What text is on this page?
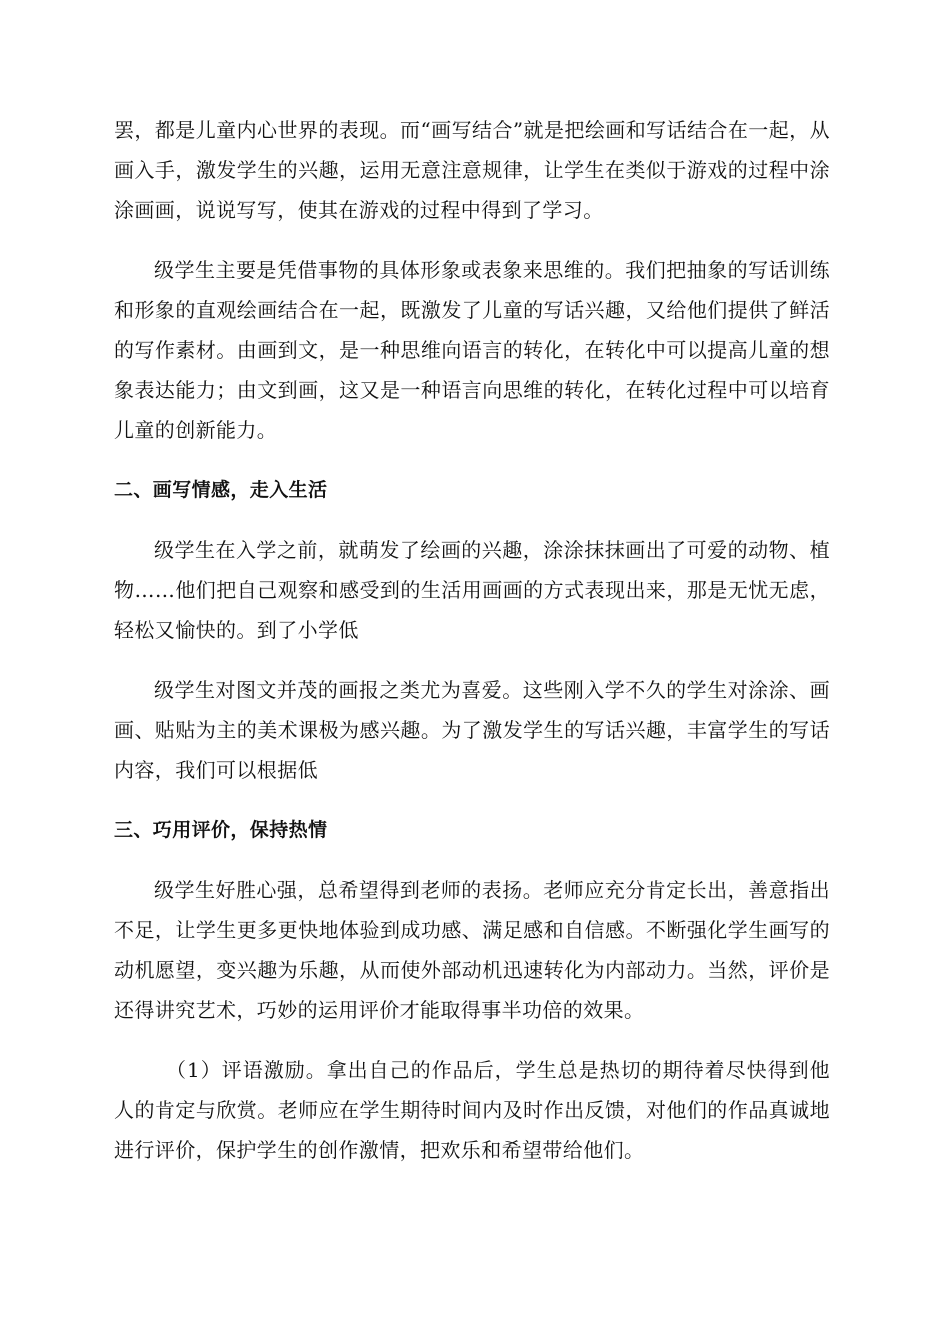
罢，都是儿童内心世界的表现。而“画写结合”就是把绘画和写话结合在一起，从画入手，激发学生的兴趣，运用无意注意规律，让学生在类似于游戏的过程中涂涂画画，说说写写，使其在游戏的过程中得到了学习。

级学生主要是凭借事物的具体形象或表象来思维的。我们把抽象的写话训练和形象的直观绘画结合在一起，既激发了儿童的写话兴趣，又给他们提供了鲜活的写作素材。由画到文，是一种思维向语言的转化，在转化中可以提高儿童的想象表达能力；由文到画，这又是一种语言向思维的转化，在转化过程中可以培育儿童的创新能力。

二、画写情感，走入生活

级学生在入学之前，就萌发了绘画的兴趣，涂涂抹抹画出了可爱的动物、植物……他们把自己观察和感受到的生活用画画的方式表现出来，那是无忧无虑，轻松又愉快的。到了小学低

级学生对图文并茂的画报之类尤为喜爱。这些刚入学不久的学生对涂涂、画画、贴贴为主的美术课极为感兴趣。为了激发学生的写话兴趣，丰富学生的写话内容，我们可以根据低

三、巧用评价，保持热情

级学生好胜心强，总希望得到老师的表扬。老师应充分肯定长出，善意指出不足，让学生更多更快地体验到成功感、满足感和自信感。不断强化学生画写的动机愿望，变兴趣为乐趣，从而使外部动机迅速转化为内部动力。当然，评价是还得讲究艺术，巧妙的运用评价才能取得事半功倍的效果。

（1）评语激励。拿出自己的作品后，学生总是热切的期待着尽快得到他人的肯定与欣赏。老师应在学生期待时间内及时作出反馈，对他们的作品真诚地进行评价，保护学生的创作激情，把欢乐和希望带给他们。
